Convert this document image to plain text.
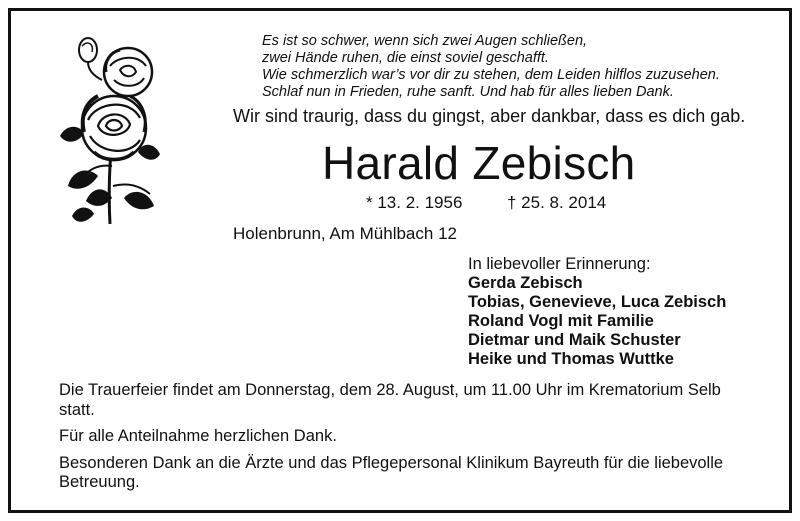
Es ist so schwer, wenn sich zwei Augen schließen,
zwei Hände ruhen, die einst soviel geschafft.
Wie schmerzlich war’s vor dir zu stehen, dem Leiden hilflos zuzusehen.
Schlaf nun in Frieden, ruhe sanft. Und hab für alles lieben Dank.
Wir sind traurig, dass du gingst, aber dankbar, dass es dich gab.
Harald Zebisch
* 13. 2. 1956	† 25. 8. 2014
Holenbrunn, Am Mühlbach 12
In liebevoller Erinnerung:
Gerda Zebisch
Tobias, Genevieve, Luca Zebisch
Roland Vogl mit Familie
Dietmar und Maik Schuster
Heike und Thomas Wuttke

Die Trauerfeier findet am Donnerstag, dem 28. August, um 11.00 Uhr im Krematorium Selb statt.

Für alle Anteilnahme herzlichen Dank.

Besonderen Dank an die Ärzte und das Pflegepersonal Klinikum Bayreuth für die liebevolle Betreuung.
